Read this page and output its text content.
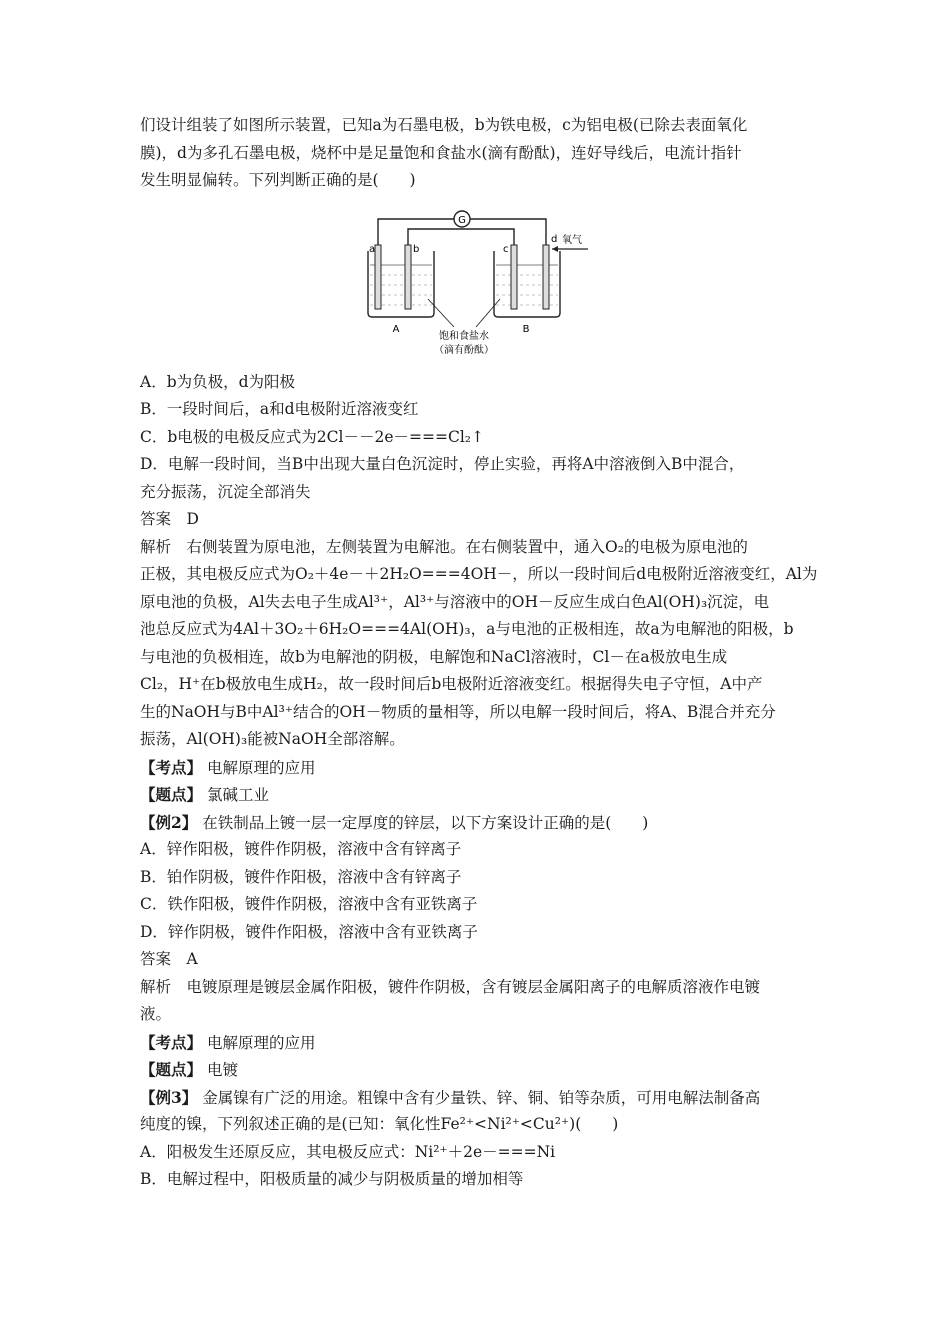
们设计组装了如图所示装置，已知a为石墨电极，b为铁电极，c为铝电极(已除去表面氧化
膜)，d为多孔石墨电极，烧杯中是足量饱和食盐水(滴有酚酞)，连好导线后，电流计指针
发生明显偏转。下列判断正确的是(　　)
G
a	b	c
d 氧气
A	B
饱和食盐水
（滴有酚酞）
A．b为负极，d为阳极
B．一段时间后，a和d电极附近溶液变红
C．b电极的电极反应式为2Cl－－2e－===Cl₂↑
D．电解一段时间，当B中出现大量白色沉淀时，停止实验，再将A中溶液倒入B中混合，
充分振荡，沉淀全部消失
答案　D
解析　右侧装置为原电池，左侧装置为电解池。在右侧装置中，通入O₂的电极为原电池的
正极，其电极反应式为O₂＋4e－＋2H₂O===4OH－，所以一段时间后d电极附近溶液变红，Al为
原电池的负极，Al失去电子生成Al³⁺，Al³⁺与溶液中的OH－反应生成白色Al(OH)₃沉淀，电
池总反应式为4Al＋3O₂＋6H₂O===4Al(OH)₃，a与电池的正极相连，故a为电解池的阳极，b
与电池的负极相连，故b为电解池的阴极，电解饱和NaCl溶液时，Cl－在a极放电生成
Cl₂，H⁺在b极放电生成H₂，故一段时间后b电极附近溶液变红。根据得失电子守恒，A中产
生的NaOH与B中Al³⁺结合的OH－物质的量相等，所以电解一段时间后，将A、B混合并充分
振荡，Al(OH)₃能被NaOH全部溶解。
【考点】 电解原理的应用
【题点】 氯碱工业
【例2】 在铁制品上镀一层一定厚度的锌层，以下方案设计正确的是(　　)
A．锌作阳极，镀件作阴极，溶液中含有锌离子
B．铂作阴极，镀件作阳极，溶液中含有锌离子
C．铁作阳极，镀件作阴极，溶液中含有亚铁离子
D．锌作阴极，镀件作阳极，溶液中含有亚铁离子
答案　A
解析　电镀原理是镀层金属作阳极，镀件作阴极，含有镀层金属阳离子的电解质溶液作电镀
液。
【考点】 电解原理的应用
【题点】 电镀
【例3】 金属镍有广泛的用途。粗镍中含有少量铁、锌、铜、铂等杂质，可用电解法制备高
纯度的镍，下列叙述正确的是(已知：氧化性Fe²⁺<Ni²⁺<Cu²⁺)(　　)
A．阳极发生还原反应，其电极反应式：Ni²⁺＋2e－===Ni
B．电解过程中，阳极质量的减少与阴极质量的增加相等
